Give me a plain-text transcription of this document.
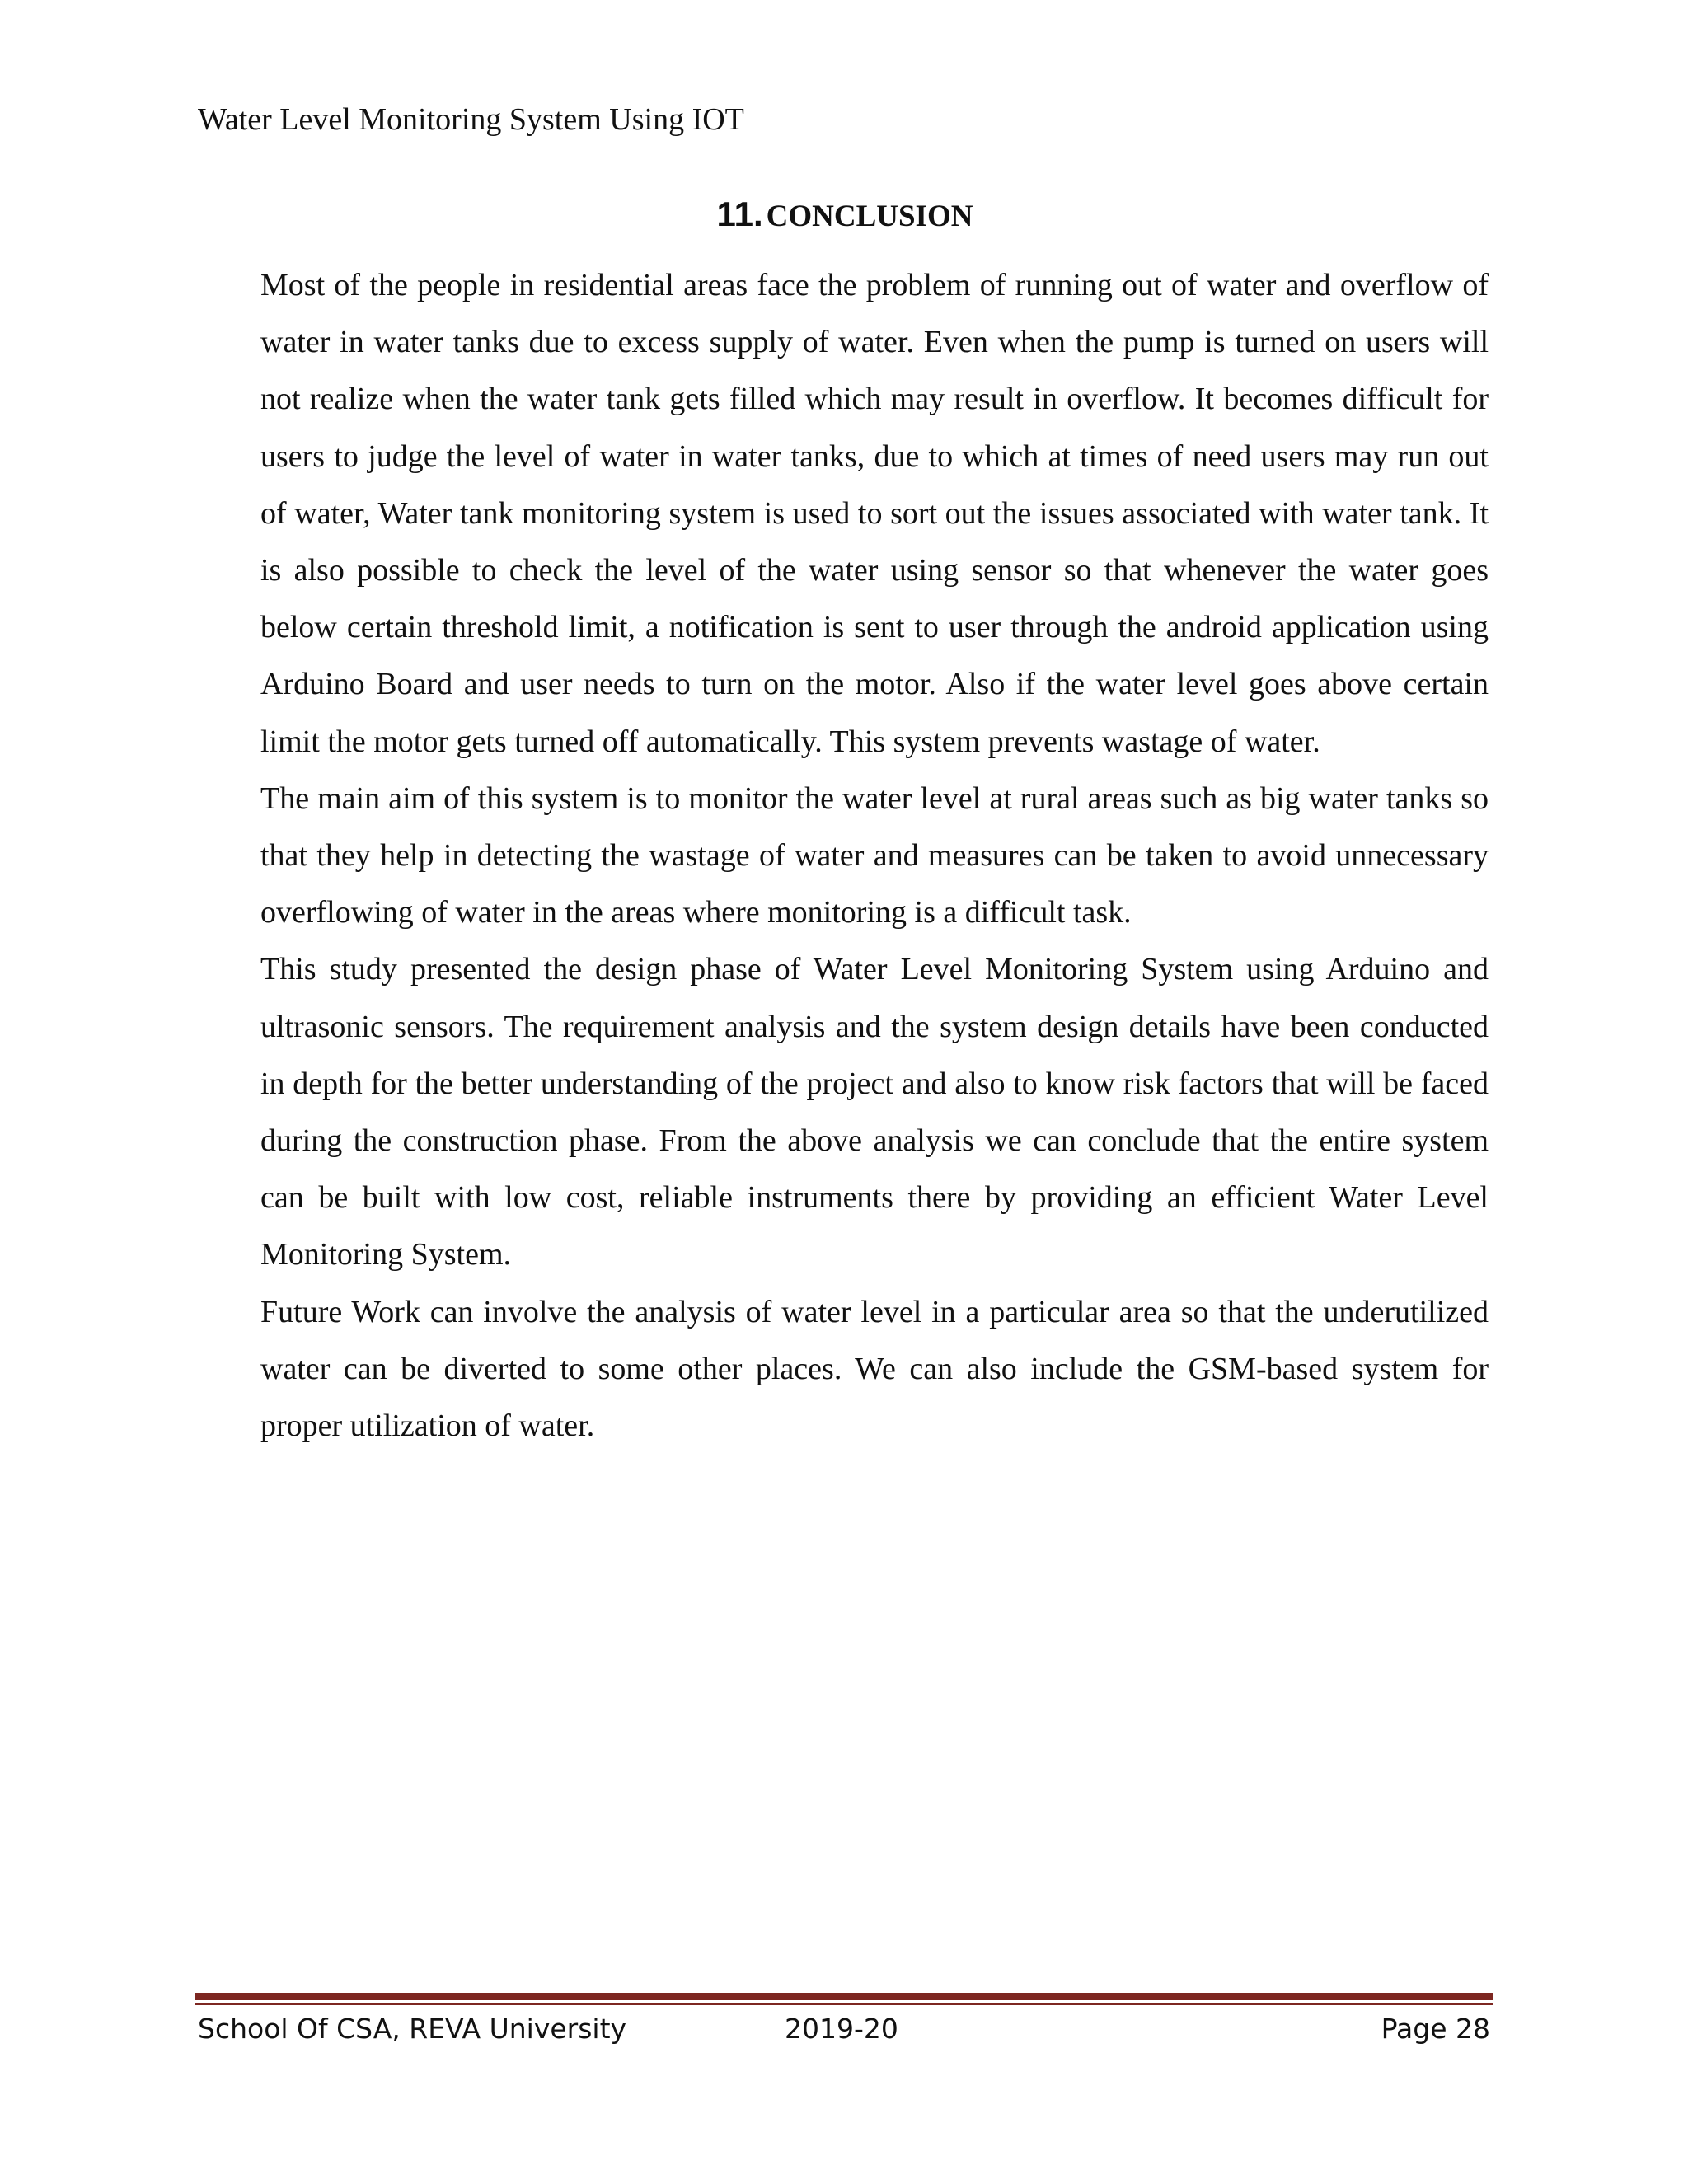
Water Level Monitoring System Using IOT
11. CONCLUSION

Most of the people in residential areas face the problem of running out of water and overflow of water in water tanks due to excess supply of water. Even when the pump is turned on users will not realize when the water tank gets filled which may result in overflow. It becomes difficult for users to judge the level of water in water tanks, due to which at times of need users may run out of water, Water tank monitoring system is used to sort out the issues associated with water tank. It is also possible to check the level of the water using sensor so that whenever the water goes below certain threshold limit, a notification is sent to user through the android application using Arduino Board and user needs to turn on the motor. Also if the water level goes above certain limit the motor gets turned off automatically. This system prevents wastage of water.

The main aim of this system is to monitor the water level at rural areas such as big water tanks so that they help in detecting the wastage of water and measures can be taken to avoid unnecessary overflowing of water in the areas where monitoring is a difficult task.

This study presented the design phase of Water Level Monitoring System using Arduino and ultrasonic sensors. The requirement analysis and the system design details have been conducted in depth for the better understanding of the project and also to know risk factors that will be faced during the construction phase. From the above analysis we can conclude that the entire system can be built with low cost, reliable instruments there by providing an efficient Water Level Monitoring System.

Future Work can involve the analysis of water level in a particular area so that the underutilized water can be diverted to some other places. We can also include the GSM-based system for proper utilization of water.

School Of CSA, REVA University	2019-20	Page 28
